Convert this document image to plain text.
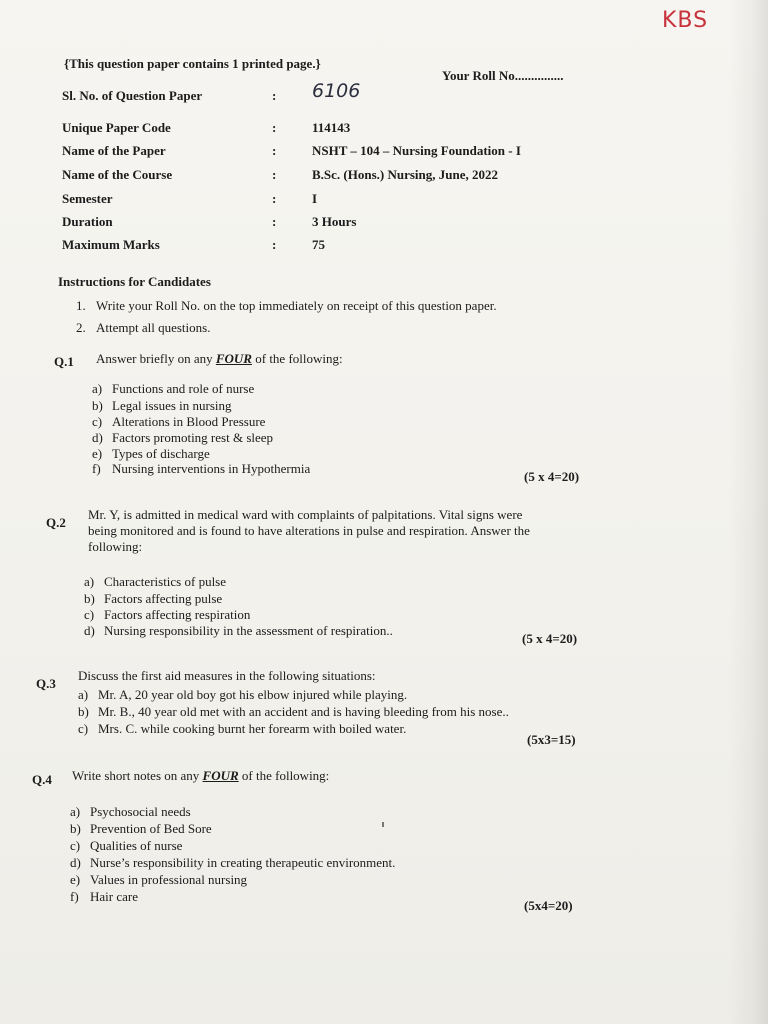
KBS
{This question paper contains 1 printed page.}
Your Roll No...............
Sl. No. of Question Paper	: 6106
Unique Paper Code	:	114143
Name of the Paper	:	NSHT – 104 – Nursing Foundation - I
Name of the Course	:	B.Sc. (Hons.) Nursing, June, 2022
Semester	:	I
Duration	:	3 Hours
Maximum Marks	:	75
Instructions for Candidates
1. Write your Roll No. on the top immediately on receipt of this question paper.
2. Attempt all questions.
Q.1 Answer briefly on any FOUR of the following:
a) Functions and role of nurse
b) Legal issues in nursing
c) Alterations in Blood Pressure
d) Factors promoting rest & sleep
e) Types of discharge
f) Nursing interventions in Hypothermia
(5 x 4=20)
Q.2
Mr. Y, is admitted in medical ward with complaints of palpitations. Vital signs were
being monitored and is found to have alterations in pulse and respiration. Answer the
following:
a) Characteristics of pulse
b) Factors affecting pulse
c) Factors affecting respiration
d) Nursing responsibility in the assessment of respiration..
(5 x 4=20)
Q.3
Discuss the first aid measures in the following situations:
a) Mr. A, 20 year old boy got his elbow injured while playing.
b) Mr. B., 40 year old met with an accident and is having bleeding from his nose..
c) Mrs. C. while cooking burnt her forearm with boiled water.
(5x3=15)
Q.4 Write short notes on any FOUR of the following:
a) Psychosocial needs
b) Prevention of Bed Sore
c) Qualities of nurse
d) Nurse’s responsibility in creating therapeutic environment.
e) Values in professional nursing
f) Hair care
(5x4=20)
